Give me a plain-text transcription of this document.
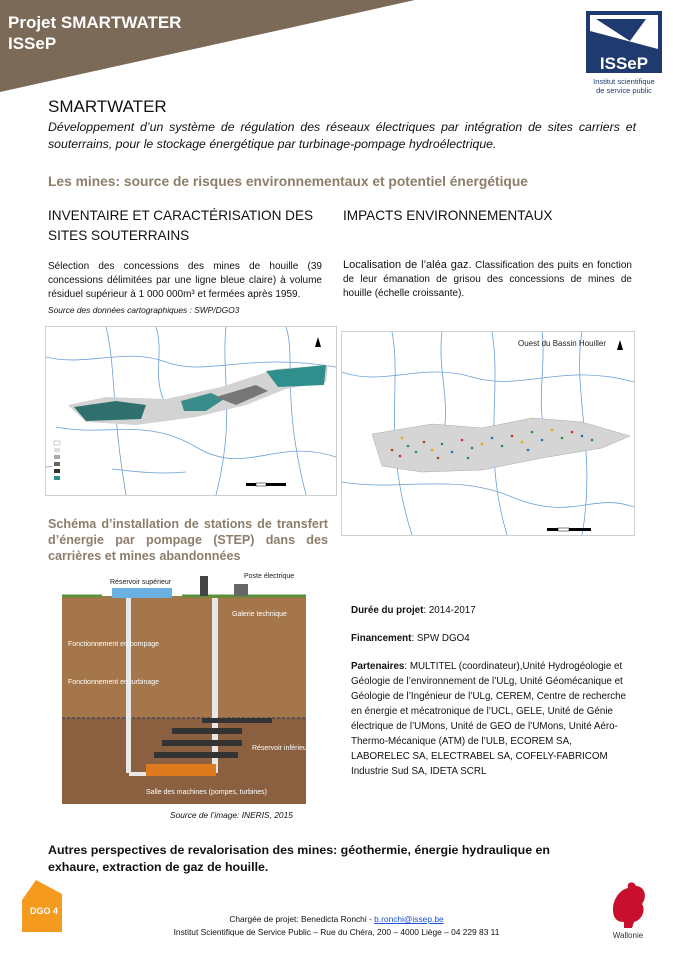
Projet SMARTWATER
ISSeP
ISSeP
Institut scientifique
de service public
SMARTWATER
Développement d’un système de régulation des réseaux électriques par intégration de sites carriers et souterrains, pour le stockage énergétique par turbinage-pompage hydroélectrique.
Les mines: source de risques environnementaux et potentiel énergétique
INVENTAIRE ET CARACTÉRISATION DES SITES SOUTERRAINS
Sélection des concessions des mines de houille (39 concessions délimitées par une ligne bleue claire) à volume résiduel supérieur à 1 000 000m³ et fermées après 1959.
Source des données cartographiques : SWP/DGO3
IMPACTS ENVIRONNEMENTAUX
Localisation de l’aléa gaz. Classification des puits en fonction de leur émanation de grisou des concessions de mines de houille (échelle croissante).
Ouest du Bassin Houiller
Schéma d’installation de stations de transfert d’énergie par pompage (STEP) dans des carrières et mines abandonnées
Réservoir supérieur
Poste électrique
Galerie technique
Fonctionnement en pompage
Fonctionnement en turbinage
Réservoir inférieur
Salle des machines (pompes, turbines)
Source de l’image: INERIS, 2015
Durée du projet: 2014-2017
Financement: SPW DGO4
Partenaires: MULTITEL (coordinateur),Unité Hydrogéologie et Géologie de l’environnement de l’ULg, Unité Géomécanique et Géologie de l’Ingénieur de l’ULg, CEREM, Centre de recherche en énergie et mécatronique de l’UCL, GELE, Unité de Génie électrique de l’UMons, Unité de GEO de l’UMons, Unité Aéro-Thermo-Mécanique (ATM) de l’ULB, ECOREM SA, LABORELEC SA, ELECTRABEL SA, COFELY-FABRICOM Industrie Sud SA, IDETA SCRL
Autres perspectives de revalorisation des mines: géothermie, énergie hydraulique en exhaure, extraction de gaz de houille.
DGO 4
Chargée de projet: Benedicta Ronchi - b.ronchi@issep.be
Institut Scientifique de Service Public – Rue du Chéra, 200 – 4000 Liège – 04 229 83 11	Wallonie
